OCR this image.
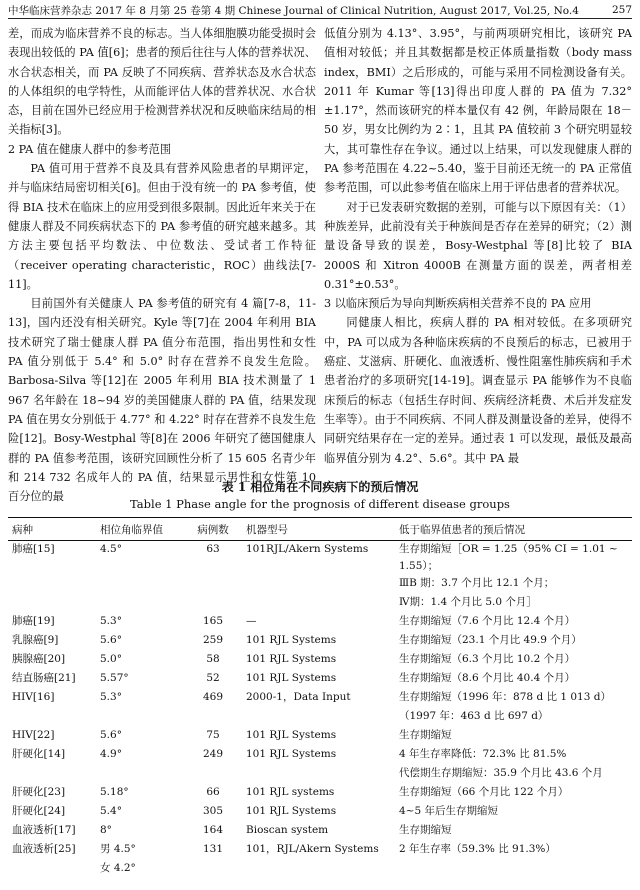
中华临床营养杂志 2017 年 8 月第 25 卷第 4 期 Chinese Journal of Clinical Nutrition, August 2017, Vol.25, No.4	257

差，而成为临床营养不良的标志。当人体细胞膜功能受损时会表现出较低的 PA 值[6]；患者的预后往往与人体的营养状况、水合状态相关，而 PA 反映了不同疾病、营养状态及水合状态的人体组织的电学特性，从而能评估人体的营养状况、水合状态，目前在国外已经应用于检测营养状况和反映临床结局的相关指标[3]。

2 PA 值在健康人群中的参考范围

PA 值可用于营养不良及具有营养风险患者的早期评定，并与临床结局密切相关[6]。但由于没有统一的 PA 参考值，使得 BIA 技术在临床上的应用受到很多限制。因此近年来关于在健康人群及不同疾病状态下的 PA 参考值的研究越来越多。其方法主要包括平均数法、中位数法、受试者工作特征（receiver operating characteristic，ROC）曲线法[7-11]。

目前国外有关健康人 PA 参考值的研究有 4 篇[7-8，11-13]，国内还没有相关研究。Kyle 等[7]在 2004 年利用 BIA 技术研究了瑞士健康人群 PA 值分布范围，指出男性和女性 PA 值分别低于 5.4° 和 5.0° 时存在营养不良发生危险。Barbosa-Silva 等[12]在 2005 年利用 BIA 技术测量了 1 967 名年龄在 18~94 岁的美国健康人群的 PA 值，结果发现 PA 值在男女分别低于 4.77° 和 4.22° 时存在营养不良发生危险[12]。Bosy-Westphal 等[8]在 2006 年研究了德国健康人群的 PA 值参考范围，该研究回顾性分析了 15 605 名青少年和 214 732 名成年人的 PA 值，结果显示男性和女性第 10 百分位的最

低值分别为 4.13°、3.95°，与前两项研究相比，该研究 PA 值相对较低；并且其数据都是校正体质量指数（body mass index，BMI）之后形成的，可能与采用不同检测设备有关。2011 年 Kumar 等[13]得出印度人群的 PA 值为 7.32°±1.17°，然而该研究的样本量仅有 42 例，年龄局限在 18－50 岁，男女比例约为 2∶1，且其 PA 值较前 3 个研究明显较大，其可靠性存在争议。通过以上结果，可以发现健康人群的 PA 参考范围在 4.22~5.40，鉴于目前还无统一的 PA 正常值参考范围，可以此参考值在临床上用于评估患者的营养状况。

对于已发表研究数据的差别，可能与以下原因有关：（1）种族差异，此前没有关于种族间是否存在差异的研究；（2）测量设备导致的误差，Bosy-Westphal 等[8]比较了 BIA 2000S 和 Xitron 4000B 在测量方面的误差，两者相差 0.31°±0.53°。

3 以临床预后为导向判断疾病相关营养不良的 PA 应用

同健康人相比，疾病人群的 PA 相对较低。在多项研究中，PA 可以成为各种临床疾病的不良预后的标志，已被用于癌症、艾滋病、肝硬化、血液透析、慢性阻塞性肺疾病和手术患者治疗的多项研究[14-19]。调查显示 PA 能够作为不良临床预后的标志（包括生存时间、疾病经济耗费、术后并发症发生率等）。由于不同疾病、不同人群及测量设备的差异，使得不同研究结果存在一定的差异。通过表 1 可以发现，最低及最高临界值分别为 4.2°、5.6°。其中 PA 最

表 1 相位角在不同疾病下的预后情况
Table 1 Phase angle for the prognosis of different disease groups
病种	相位角临界值	病例数	机器型号	低于临界值患者的预后情况
肺癌[15]	4.5°	63	101RJL/Akern Systems	生存期缩短［OR = 1.25（95% CI = 1.01 ~ 1.55）；
				ⅢB 期：3.7 个月比 12.1 个月；
				Ⅳ期：1.4 个月比 5.0 个月］
肺癌[19]	5.3°	165	—	生存期缩短（7.6 个月比 12.4 个月）
乳腺癌[9]	5.6°	259	101 RJL Systems	生存期缩短（23.1 个月比 49.9 个月）
胰腺癌[20]	5.0°	58	101 RJL Systems	生存期缩短（6.3 个月比 10.2 个月）
结直肠癌[21]	5.57°	52	101 RJL Systems	生存期缩短（8.6 个月比 40.4 个月）
HIV[16]	5.3°	469	2000-1，Data Input	生存期缩短（1996 年：878 d 比 1 013 d）
				（1997 年：463 d 比 697 d）
HIV[22]	5.6°	75	101 RJL Systems	生存期缩短
肝硬化[14]	4.9°	249	101 RJL Systems	4 年生存率降低：72.3% 比 81.5%
				代偿期生存期缩短：35.9 个月比 43.6 个月
肝硬化[23]	5.18°	66	101 RJL systems	生存期缩短（66 个月比 122 个月）
肝硬化[24]	5.4°	305	101 RJL Systems	4~5 年后生存期缩短
血液透析[17]	8°	164	Bioscan system	生存期缩短
血液透析[25]	男 4.5°	131	101，RJL/Akern Systems	2 年生存率（59.3% 比 91.3%）
	女 4.2°			
